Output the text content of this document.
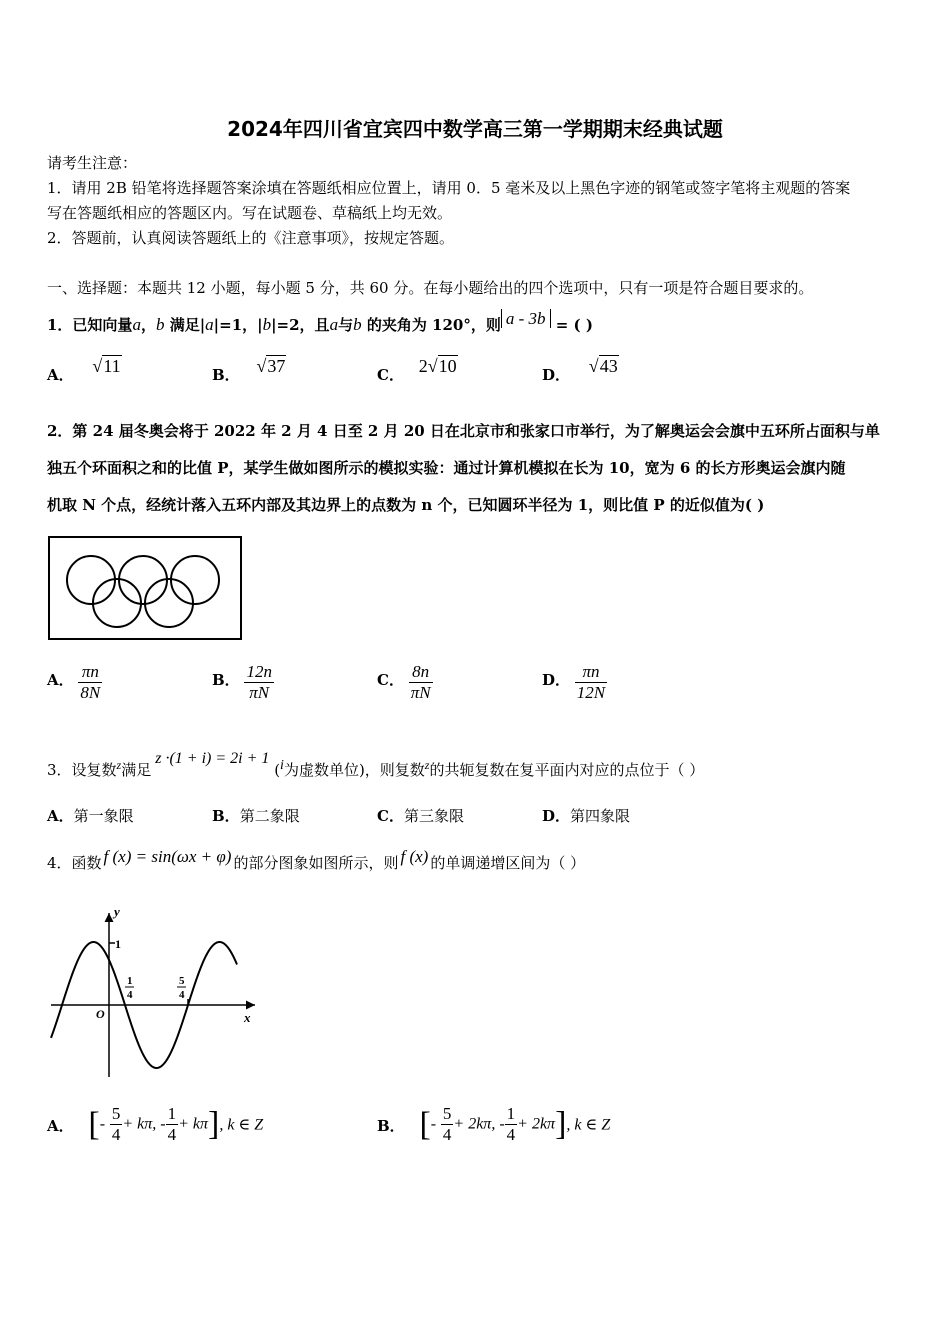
2024年四川省宜宾四中数学高三第一学期期末经典试题
请考生注意：
1．请用 2B 铅笔将选择题答案涂填在答题纸相应位置上，请用 0．5 毫米及以上黑色字迹的钢笔或签字笔将主观题的答案
写在答题纸相应的答题区内。写在试题卷、草稿纸上均无效。
2．答题前，认真阅读答题纸上的《注意事项》，按规定答题。
一、选择题：本题共 12 小题，每小题 5 分，共 60 分。在每小题给出的四个选项中，只有一项是符合题目要求的。
1．已知向量a，b 满足|a|=1，|b|=2，且a与b 的夹角为 120°，则 a - 3b = ( )
A． √11	B． √37	C． 2√10	D． √43
2．第 24 届冬奥会将于 2022 年 2 月 4 日至 2 月 20 日在北京市和张家口市举行，为了解奥运会会旗中五环所占面积与单
独五个环面积之和的比值 P，某学生做如图所示的模拟实验：通过计算机模拟在长为 10，宽为 6 的长方形奥运会旗内随
机取 N 个点，经统计落入五环内部及其边界上的点数为 n 个，已知圆环半径为 1，则比值 P 的近似值为( )
A． $\frac{\pi n}{8N}$	B． $\frac{12n}{\pi N}$	C． $\frac{8n}{\pi N}$	D． $\frac{\pi n}{12N}$
3．设复数$^z$满足z ·(1 + i) = 2i + 1 (i为虚数单位)，则复数$^z$的共轭复数在复平面内对应的点位于（ ）
A．第一象限	B．第二象限	C．第三象限	D．第四象限
4．函数 f (x) = sin(ωx + φ) 的部分图象如图所示，则 f (x) 的单调递增区间为（ ）
y
x
O
1
1
4
5
4
A． [- $\frac{5}{4} + k\pi$, - $\frac{1}{4} + k\pi$], k ∈ Z	B． [- $\frac{5}{4} + 2k\pi$, - $\frac{1}{4} + 2k\pi$], k ∈ Z
